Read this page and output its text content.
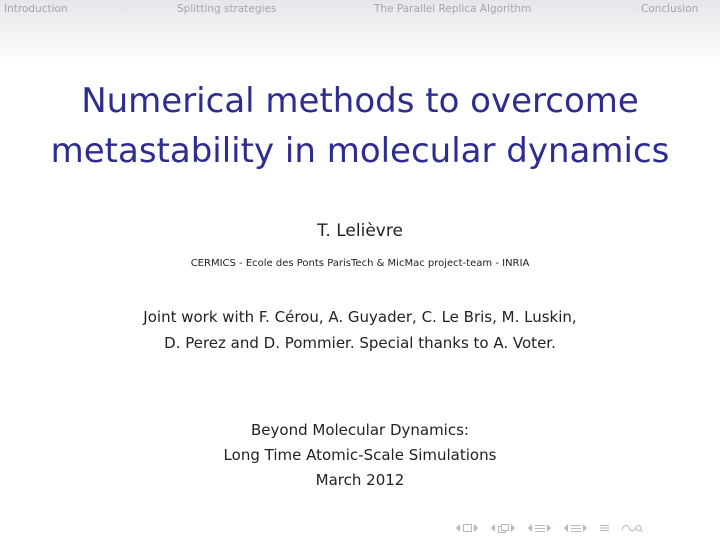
Introduction	Splitting strategies	The Parallel Replica Algorithm	Conclusion
Numerical methods to overcome
metastability in molecular dynamics
T. Lelièvre
CERMICS - Ecole des Ponts ParisTech & MicMac project-team - INRIA
Joint work with F. Cérou, A. Guyader, C. Le Bris, M. Luskin,
D. Perez and D. Pommier. Special thanks to A. Voter.
Beyond Molecular Dynamics:
Long Time Atomic-Scale Simulations
March 2012
